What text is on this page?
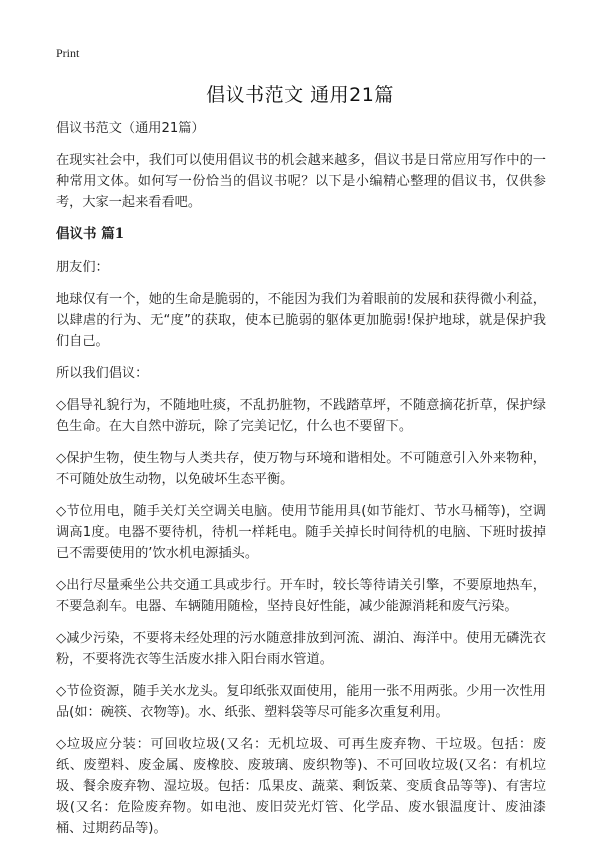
Print
倡议书范文 通用21篇

倡议书范文（通用21篇）

在现实社会中，我们可以使用倡议书的机会越来越多，倡议书是日常应用写作中的一种常用文体。如何写一份恰当的倡议书呢？以下是小编精心整理的倡议书，仅供参考，大家一起来看看吧。

倡议书 篇1

朋友们：

地球仅有一个，她的生命是脆弱的，不能因为我们为着眼前的发展和获得微小利益，以肆虐的行为、无“度”的获取，使本已脆弱的躯体更加脆弱!保护地球，就是保护我们自己。

所以我们倡议：

◇倡导礼貌行为，不随地吐痰，不乱扔脏物，不践踏草坪，不随意摘花折草，保护绿色生命。在大自然中游玩，除了完美记忆，什么也不要留下。

◇保护生物，使生物与人类共存，使万物与环境和谐相处。不可随意引入外来物种，不可随处放生动物，以免破坏生态平衡。

◇节位用电，随手关灯关空调关电脑。使用节能用具(如节能灯、节水马桶等)，空调调高1度。电器不要待机，待机一样耗电。随手关掉长时间待机的电脑、下班时拔掉已不需要使用的’饮水机电源插头。

◇出行尽量乘坐公共交通工具或步行。开车时，较长等待请关引擎，不要原地热车，不要急刹车。电器、车辆随用随检，坚持良好性能，减少能源消耗和废气污染。

◇减少污染，不要将未经处理的污水随意排放到河流、湖泊、海洋中。使用无磷洗衣粉，不要将洗衣等生活废水排入阳台雨水管道。

◇节俭资源，随手关水龙头。复印纸张双面使用，能用一张不用两张。少用一次性用品(如：碗筷、衣物等)。水、纸张、塑料袋等尽可能多次重复利用。

◇垃圾应分装：可回收垃圾(又名：无机垃圾、可再生废弃物、干垃圾。包括：废纸、废塑料、废金属、废橡胶、废玻璃、废织物等)、不可回收垃圾(又名：有机垃圾、餐余废弃物、湿垃圾。包括：瓜果皮、蔬菜、剩饭菜、变质食品等等)、有害垃圾(又名：危险废弃物。如电池、废旧荧光灯管、化学品、废水银温度计、废油漆桶、过期药品等)。
